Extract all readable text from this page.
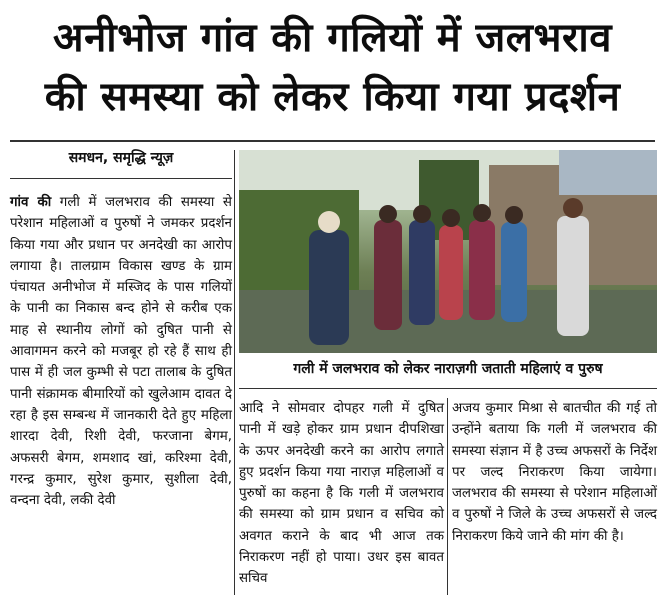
अनीभोज गांव की गलियों में जलभराव
की समस्या को लेकर किया गया प्रदर्शन
समधन, समृद्धि न्यूज़
गांव की गली में जलभराव की समस्या से परेशान महिलाओं व पुरुषों ने जमकर प्रदर्शन किया गया और प्रधान पर अनदेखी का आरोप लगाया है। तालग्राम विकास खण्ड के ग्राम पंचायत अनीभोज में मस्जिद के पास गलियों के पानी का निकास बन्द होने से करीब एक माह से स्थानीय लोगों को दुषित पानी से आवागमन करने को मजबूर हो रहे हैं साथ ही पास में ही जल कुम्भी से पटा तालाब के दुषित पानी संक्रामक बीमारियों को खुलेआम दावत दे रहा है इस सम्बन्ध में जानकारी देते हुए महिला शारदा देवी, रिशी देवी, फरजाना बेगम, अफसरी बेगम, शमशाद खां, करिश्मा देवी, गरन्द्र कुमार, सुरेश कुमार, सुशीला देवी, वन्दना देवी, लकी देवी
गली में जलभराव को लेकर नाराज़गी जताती महिलाएं व पुरुष
आदि ने सोमवार दोपहर गली में दुषित पानी में खड़े होकर ग्राम प्रधान दीपशिखा के ऊपर अनदेखी करने का आरोप लगाते हुए प्रदर्शन किया गया नाराज़ महिलाओं व पुरुषों का कहना है कि गली में जलभराव की समस्या को ग्राम प्रधान व सचिव को अवगत कराने के बाद भी आज तक निराकरण नहीं हो पाया। उधर इस बावत सचिव
अजय कुमार मिश्रा से बातचीत की गई तो उन्होंने बताया कि गली में जलभराव की समस्या संज्ञान में है उच्च अफसरों के निर्देश पर जल्द निराकरण किया जायेगा। जलभराव की समस्या से परेशान महिलाओं व पुरुषों ने जिले के उच्च अफसरों से जल्द निराकरण किये जाने की मांग की है।
